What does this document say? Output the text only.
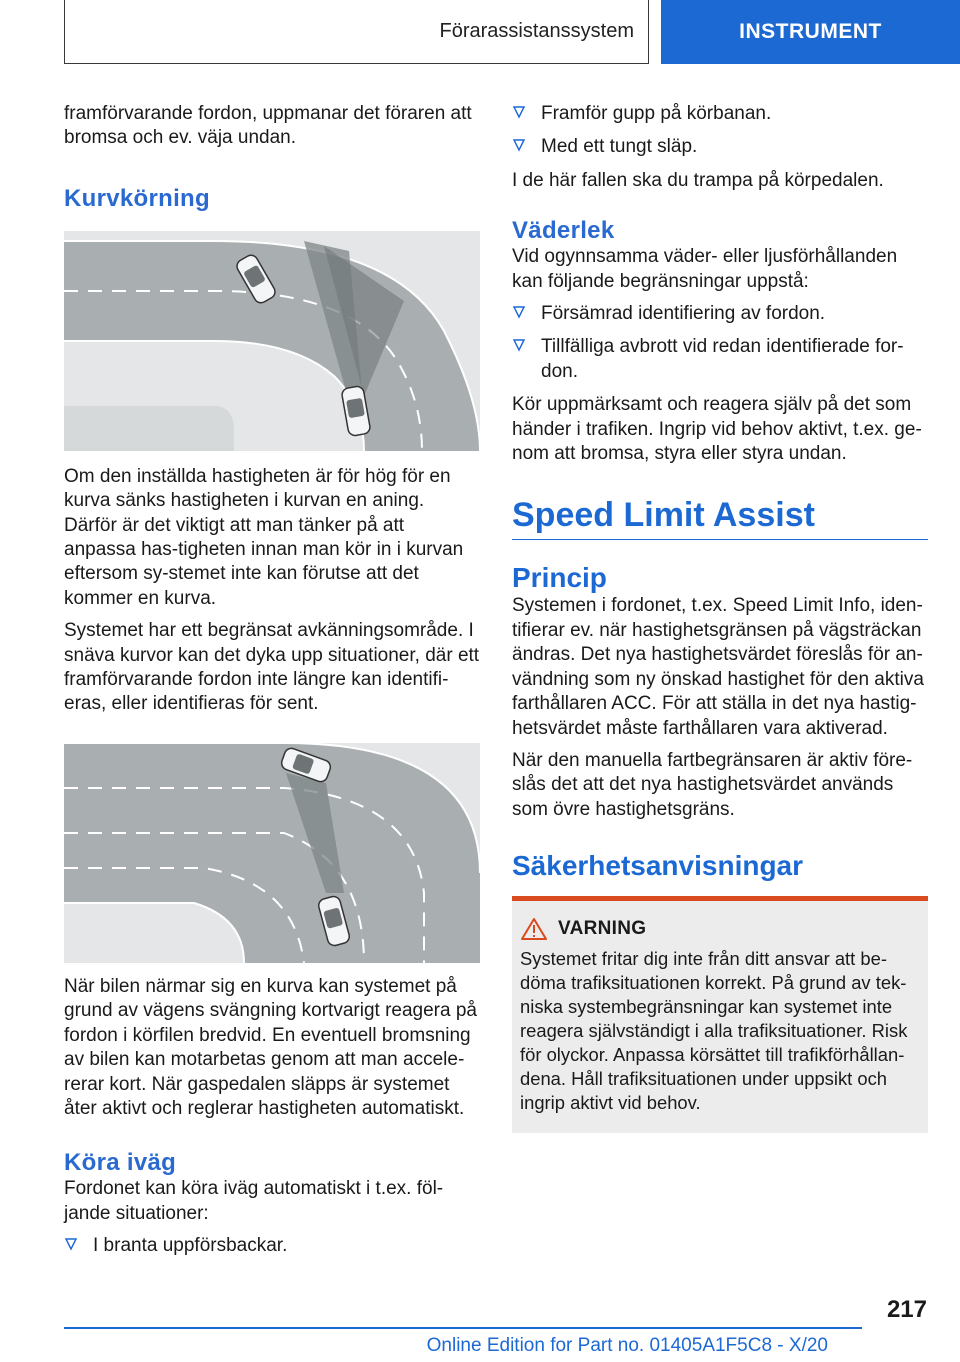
Förarassistanssystem	INSTRUMENT

framförvarande fordon, uppmanar det föraren att bromsa och ev. väja undan.

Kurvkörning

Om den inställda hastigheten är för hög för en kurva sänks hastigheten i kurvan en aning. Därför är det viktigt att man tänker på att anpassa has-tigheten innan man kör in i kurvan eftersom sy-stemet inte kan förutse att det kommer en kurva.

Systemet har ett begränsat avkänningsområde. I snäva kurvor kan det dyka upp situationer, där ett framförvarande fordon inte längre kan identifi-eras, eller identifieras för sent.

När bilen närmar sig en kurva kan systemet på grund av vägens svängning kortvarigt reagera på fordon i körfilen bredvid. En eventuell bromsning av bilen kan motarbetas genom att man accele-rerar kort. När gaspedalen släpps är systemet åter aktivt och reglerar hastigheten automatiskt.

Köra iväg

Fordonet kan köra iväg automatiskt i t.ex. föl-jande situationer:

I branta uppförsbackar.
Framför gupp på körbanan.
Med ett tungt släp.

I de här fallen ska du trampa på körpedalen.

Väderlek

Vid ogynnsamma väder- eller ljusförhållanden kan följande begränsningar uppstå:

Försämrad identifiering av fordon.
Tillfälliga avbrott vid redan identifierade for-don.

Kör uppmärksamt och reagera själv på det som händer i trafiken. Ingrip vid behov aktivt, t.ex. ge-nom att bromsa, styra eller styra undan.

Speed Limit Assist
Princip

Systemen i fordonet, t.ex. Speed Limit Info, iden-tifierar ev. när hastighetsgränsen på vägsträckan ändras. Det nya hastighetsvärdet föreslås för an-vändning som ny önskad hastighet för den aktiva farthållaren ACC. För att ställa in det nya hastig-hetsvärdet måste farthållaren vara aktiverad.

När den manuella fartbegränsaren är aktiv före-slås det att det nya hastighetsvärdet används som övre hastighetsgräns.

Säkerhetsanvisningar
VARNING

Systemet fritar dig inte från ditt ansvar att be-döma trafiksituationen korrekt. På grund av tek-niska systembegränsningar kan systemet inte reagera självständigt i alla trafiksituationer. Risk för olyckor. Anpassa körsättet till trafikförhållan-dena. Håll trafiksituationen under uppsikt och ingrip aktivt vid behov.

217
Online Edition for Part no. 01405A1F5C8 - X/20
